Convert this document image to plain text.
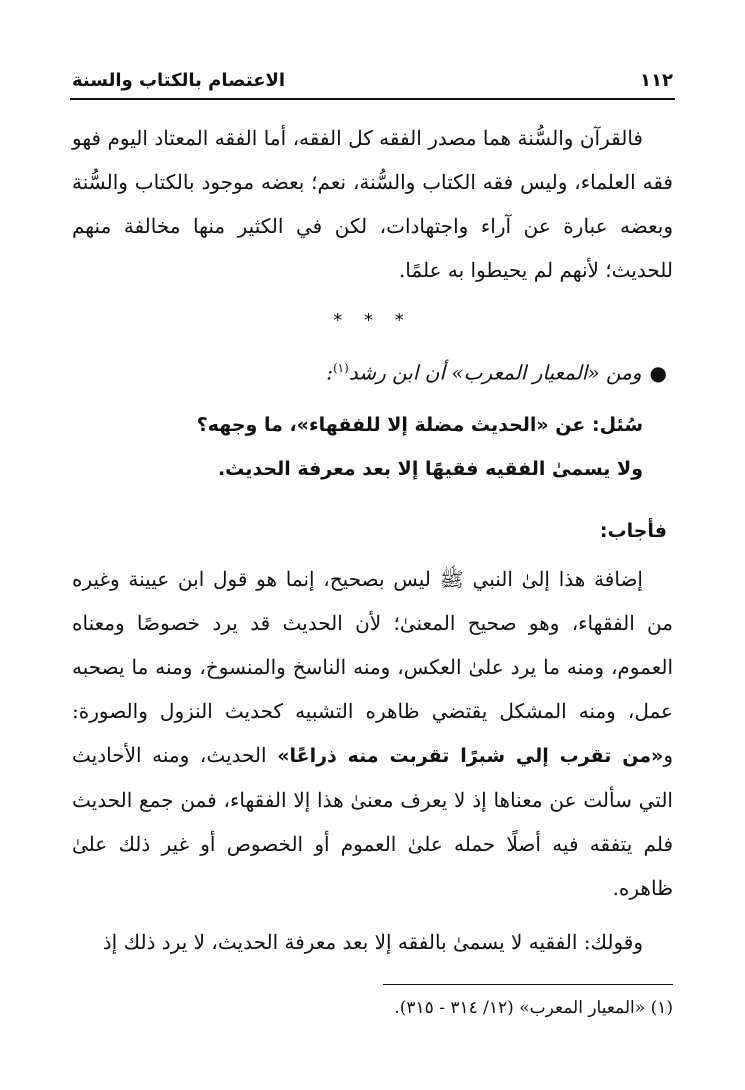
١١٢
الاعتصام بالكتاب والسنة

فالقرآن والسُّنة هما مصدر الفقه كل الفقه، أما الفقه المعتاد اليوم فهو فقه العلماء، وليس فقه الكتاب والسُّنة، نعم؛ بعضه موجود بالكتاب والسُّنة وبعضه عبارة عن آراء واجتهادات، لكن في الكثير منها مخالفة منهم للحديث؛ لأنهم لم يحيطوا به علمًا.

* * *
●ومن «المعيار المعرب» أن ابن رشد$^{(١)}$:
سُئل: عن «الحديث مضلة إلا للفقهاء»، ما وجهه؟
ولا يسمىٰ الفقيه فقيهًا إلا بعد معرفة الحديث.
فأجاب:

إضافة هذا إلىٰ النبي ﷺ ليس بصحيح، إنما هو قول ابن عيينة وغيره من الفقهاء، وهو صحيح المعنىٰ؛ لأن الحديث قد يرد خصوصًا ومعناه العموم، ومنه ما يرد علىٰ العكس، ومنه الناسخ والمنسوخ، ومنه ما يصحبه عمل، ومنه المشكل يقتضي ظاهره التشبيه كحديث النزول والصورة: و«من تقرب إلي شبرًا تقربت منه ذراعًا» الحديث، ومنه الأحاديث التي سألت عن معناها إذ لا يعرف معنىٰ هذا إلا الفقهاء، فمن جمع الحديث فلم يتفقه فيه أصلًا حمله علىٰ العموم أو الخصوص أو غير ذلك علىٰ ظاهره.

وقولك: الفقيه لا يسمىٰ بالفقه إلا بعد معرفة الحديث، لا يرد ذلك إذ

(١) «المعيار المعرب» (١٢/ ٣١٤ - ٣١٥).
